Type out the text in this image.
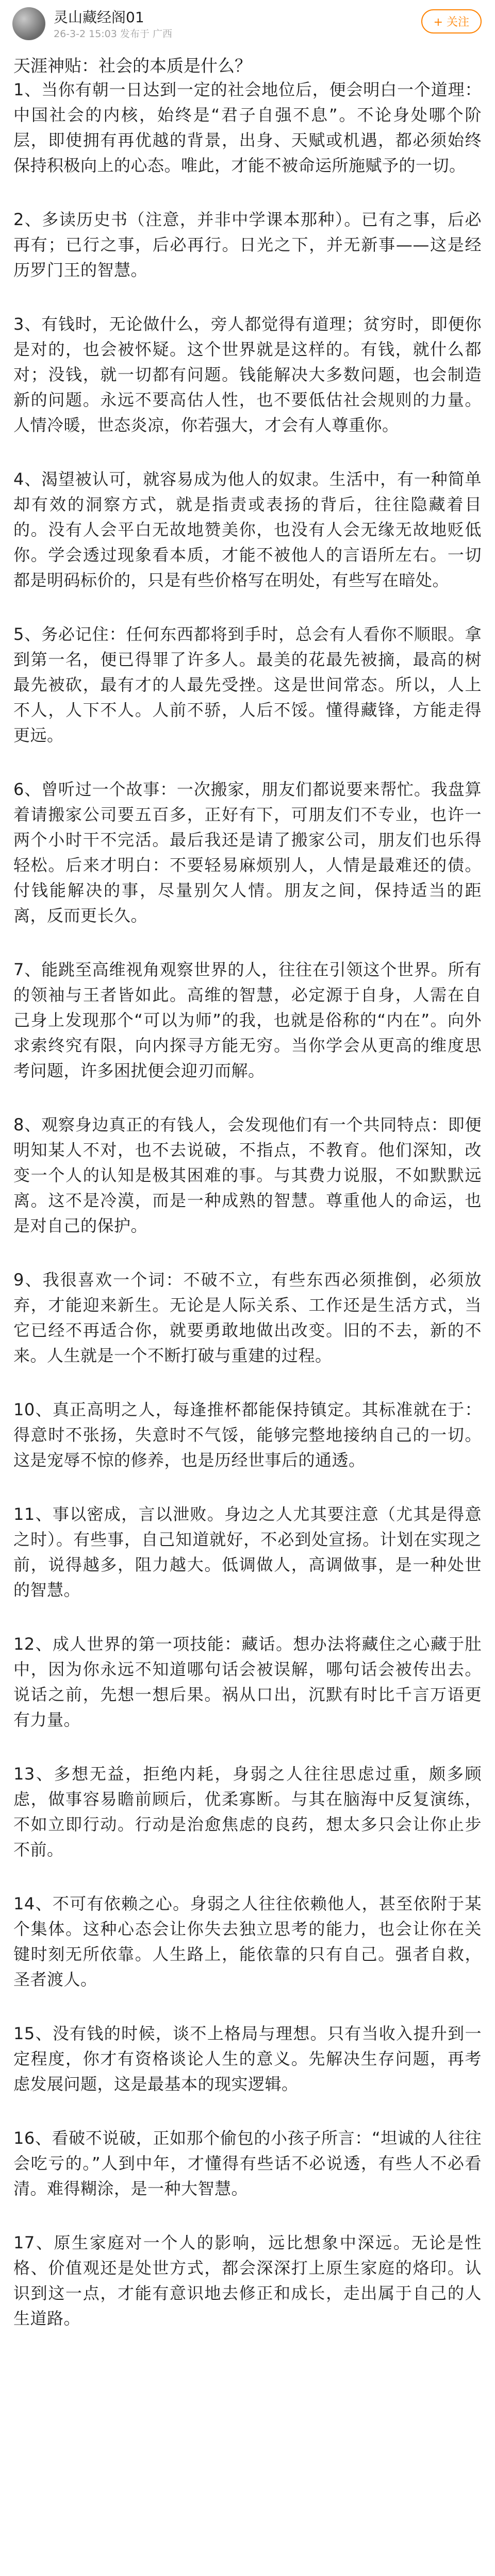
灵山藏经阁01
26-3-2 15:03 发布于 广西
+ 关注

天涯神贴：社会的本质是什么？

1、当你有朝一日达到一定的社会地位后，便会明白一个道理：中国社会的内核，始终是“君子自强不息”。不论身处哪个阶层，即使拥有再优越的背景，出身、天赋或机遇，都必须始终保持积极向上的心态。唯此，才能不被命运所施赋予的一切。

2、多读历史书（注意，并非中学课本那种）。已有之事，后必再有；已行之事，后必再行。日光之下，并无新事——这是经历罗门王的智慧。

3、有钱时，无论做什么，旁人都觉得有道理；贫穷时，即便你是对的，也会被怀疑。这个世界就是这样的。有钱，就什么都对；没钱，就一切都有问题。钱能解决大多数问题，也会制造新的问题。永远不要高估人性，也不要低估社会规则的力量。人情冷暖，世态炎凉，你若强大，才会有人尊重你。

4、渴望被认可，就容易成为他人的奴隶。生活中，有一种简单却有效的洞察方式，就是指责或表扬的背后，往往隐藏着目的。没有人会平白无故地赞美你，也没有人会无缘无故地贬低你。学会透过现象看本质，才能不被他人的言语所左右。一切都是明码标价的，只是有些价格写在明处，有些写在暗处。

5、务必记住：任何东西都将到手时，总会有人看你不顺眼。拿到第一名，便已得罪了许多人。最美的花最先被摘，最高的树最先被砍，最有才的人最先受挫。这是世间常态。所以，人上不人，人下不人。人前不骄，人后不馁。懂得藏锋，方能走得更远。

6、曾听过一个故事：一次搬家，朋友们都说要来帮忙。我盘算着请搬家公司要五百多，正好有下，可朋友们不专业，也许一两个小时干不完活。最后我还是请了搬家公司，朋友们也乐得轻松。后来才明白：不要轻易麻烦别人，人情是最难还的债。付钱能解决的事，尽量别欠人情。朋友之间，保持适当的距离，反而更长久。

7、能跳至高维视角观察世界的人，往往在引领这个世界。所有的领袖与王者皆如此。高维的智慧，必定源于自身，人需在自己身上发现那个“可以为师”的我，也就是俗称的“内在”。向外求索终究有限，向内探寻方能无穷。当你学会从更高的维度思考问题，许多困扰便会迎刃而解。

8、观察身边真正的有钱人，会发现他们有一个共同特点：即便明知某人不对，也不去说破，不指点，不教育。他们深知，改变一个人的认知是极其困难的事。与其费力说服，不如默默远离。这不是冷漠，而是一种成熟的智慧。尊重他人的命运，也是对自己的保护。

9、我很喜欢一个词：不破不立，有些东西必须推倒，必须放弃，才能迎来新生。无论是人际关系、工作还是生活方式，当它已经不再适合你，就要勇敢地做出改变。旧的不去，新的不来。人生就是一个不断打破与重建的过程。

10、真正高明之人，每逢推杯都能保持镇定。其标准就在于：得意时不张扬，失意时不气馁，能够完整地接纳自己的一切。这是宠辱不惊的修养，也是历经世事后的通透。

11、事以密成，言以泄败。身边之人尤其要注意（尤其是得意之时）。有些事，自己知道就好，不必到处宣扬。计划在实现之前，说得越多，阻力越大。低调做人，高调做事，是一种处世的智慧。

12、成人世界的第一项技能：藏话。想办法将藏住之心藏于肚中，因为你永远不知道哪句话会被误解，哪句话会被传出去。说话之前，先想一想后果。祸从口出，沉默有时比千言万语更有力量。

13、多想无益，拒绝内耗，身弱之人往往思虑过重，颇多顾虑，做事容易瞻前顾后，优柔寡断。与其在脑海中反复演练，不如立即行动。行动是治愈焦虑的良药，想太多只会让你止步不前。

14、不可有依赖之心。身弱之人往往依赖他人，甚至依附于某个集体。这种心态会让你失去独立思考的能力，也会让你在关键时刻无所依靠。人生路上，能依靠的只有自己。强者自救，圣者渡人。

15、没有钱的时候，谈不上格局与理想。只有当收入提升到一定程度，你才有资格谈论人生的意义。先解决生存问题，再考虑发展问题，这是最基本的现实逻辑。

16、看破不说破，正如那个偷包的小孩子所言：“坦诚的人往往会吃亏的。”人到中年，才懂得有些话不必说透，有些人不必看清。难得糊涂，是一种大智慧。

17、原生家庭对一个人的影响，远比想象中深远。无论是性格、价值观还是处世方式，都会深深打上原生家庭的烙印。认识到这一点，才能有意识地去修正和成长，走出属于自己的人生道路。
